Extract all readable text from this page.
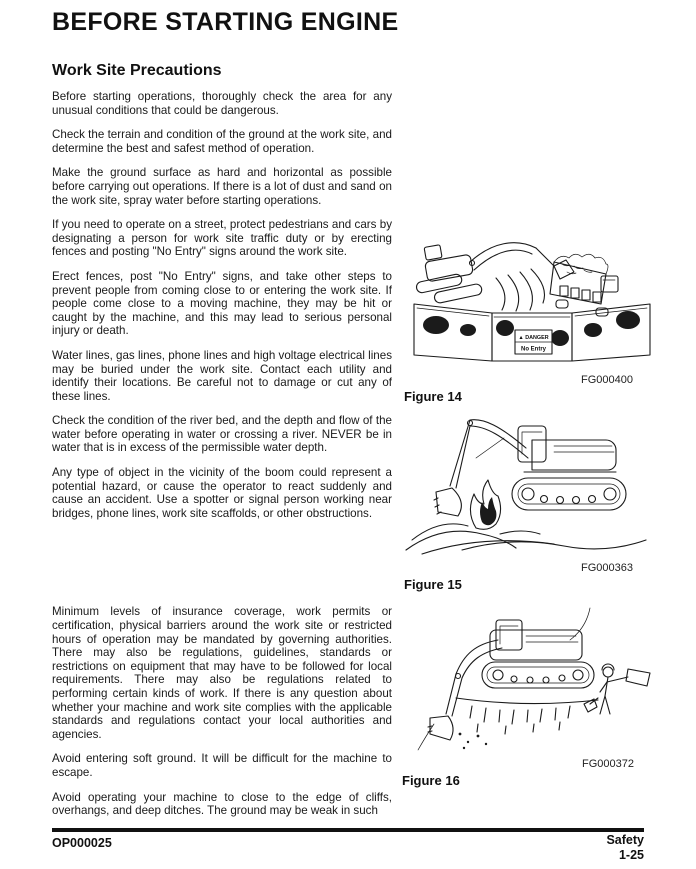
BEFORE STARTING ENGINE
Work Site Precautions

Before starting operations, thoroughly check the area for any unusual conditions that could be dangerous.

Check the terrain and condition of the ground at the work site, and determine the best and safest method of operation.

Make the ground surface as hard and horizontal as possible before carrying out operations. If there is a lot of dust and sand on the work site, spray water before starting operations.

If you need to operate on a street, protect pedestrians and cars by designating a person for work site traffic duty or by erecting fences and posting "No Entry" signs around the work site.

Erect fences, post "No Entry" signs, and take other steps to prevent people from coming close to or entering the work site. If people come close to a moving machine, they may be hit or caught by the machine, and this may lead to serious personal injury or death.

Water lines, gas lines, phone lines and high voltage electrical lines may be buried under the work site. Contact each utility and identify their locations. Be careful not to damage or cut any of these lines.

Check the condition of the river bed, and the depth and flow of the water before operating in water or crossing a river. NEVER be in water that is in excess of the permissible water depth.

Any type of object in the vicinity of the boom could represent a potential hazard, or cause the operator to react suddenly and cause an accident. Use a spotter or signal person working near bridges, phone lines, work site scaffolds, or other obstructions.

Minimum levels of insurance coverage, work permits or certification, physical barriers around the work site or restricted hours of operation may be mandated by governing authorities. There may also be regulations, guidelines, standards or restrictions on equipment that may have to be followed for local requirements. There may also be regulations related to performing certain kinds of work. If there is any question about whether your machine and work site complies with the applicable standards and regulations contact your local authorities and agencies.

Avoid entering soft ground. It will be difficult for the machine to escape.

Avoid operating your machine to close to the edge of cliffs, overhangs, and deep ditches. The ground may be weak in such

▲ DANGER
No Entry
FG000400
Figure 14
FG000363
Figure 15
FG000372
Figure 16
OP000025	Safety
1-25
